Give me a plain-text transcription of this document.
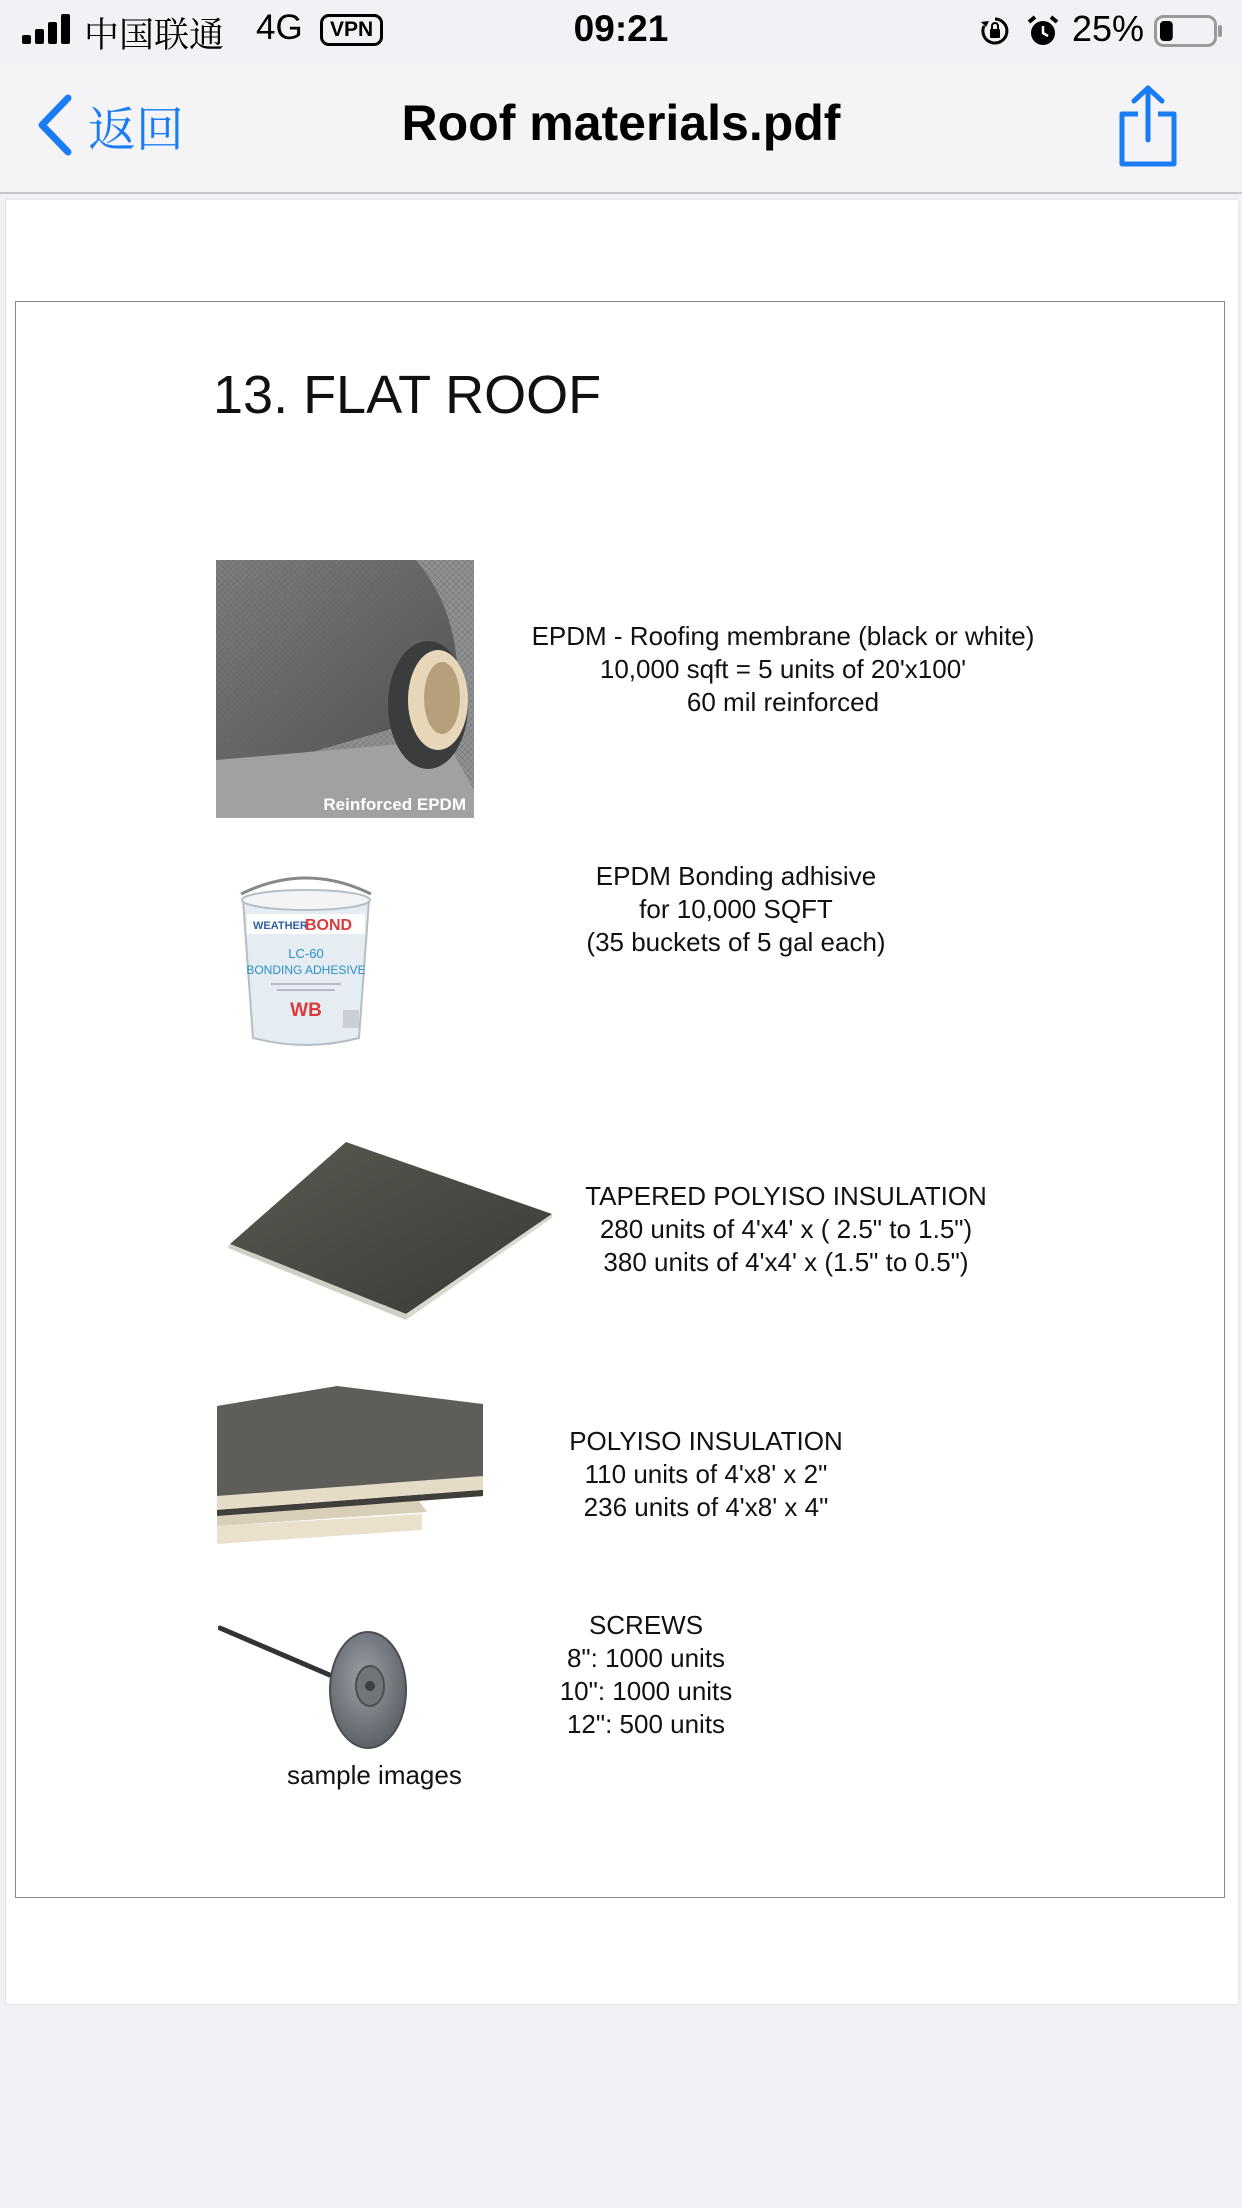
中国联通 4G	VPN	09:21	25%
返回	Roof materials.pdf
13. FLAT ROOF
Reinforced EPDM
EPDM - Roofing membrane (black or white)
10,000 sqft = 5 units of 20'x100'
60 mil reinforced
WEATHER
BOND
LC-60
BONDING ADHESIVE
WB
EPDM Bonding adhisive
for 10,000 SQFT
(35 buckets of 5 gal each)
TAPERED POLYISO INSULATION
280 units of 4'x4' x ( 2.5" to 1.5")
380 units of 4'x4' x (1.5" to 0.5")
POLYISO INSULATION
110 units of 4'x8' x 2"
236 units of 4'x8' x 4"
SCREWS
8": 1000 units
10": 1000 units
12": 500 units
sample images
